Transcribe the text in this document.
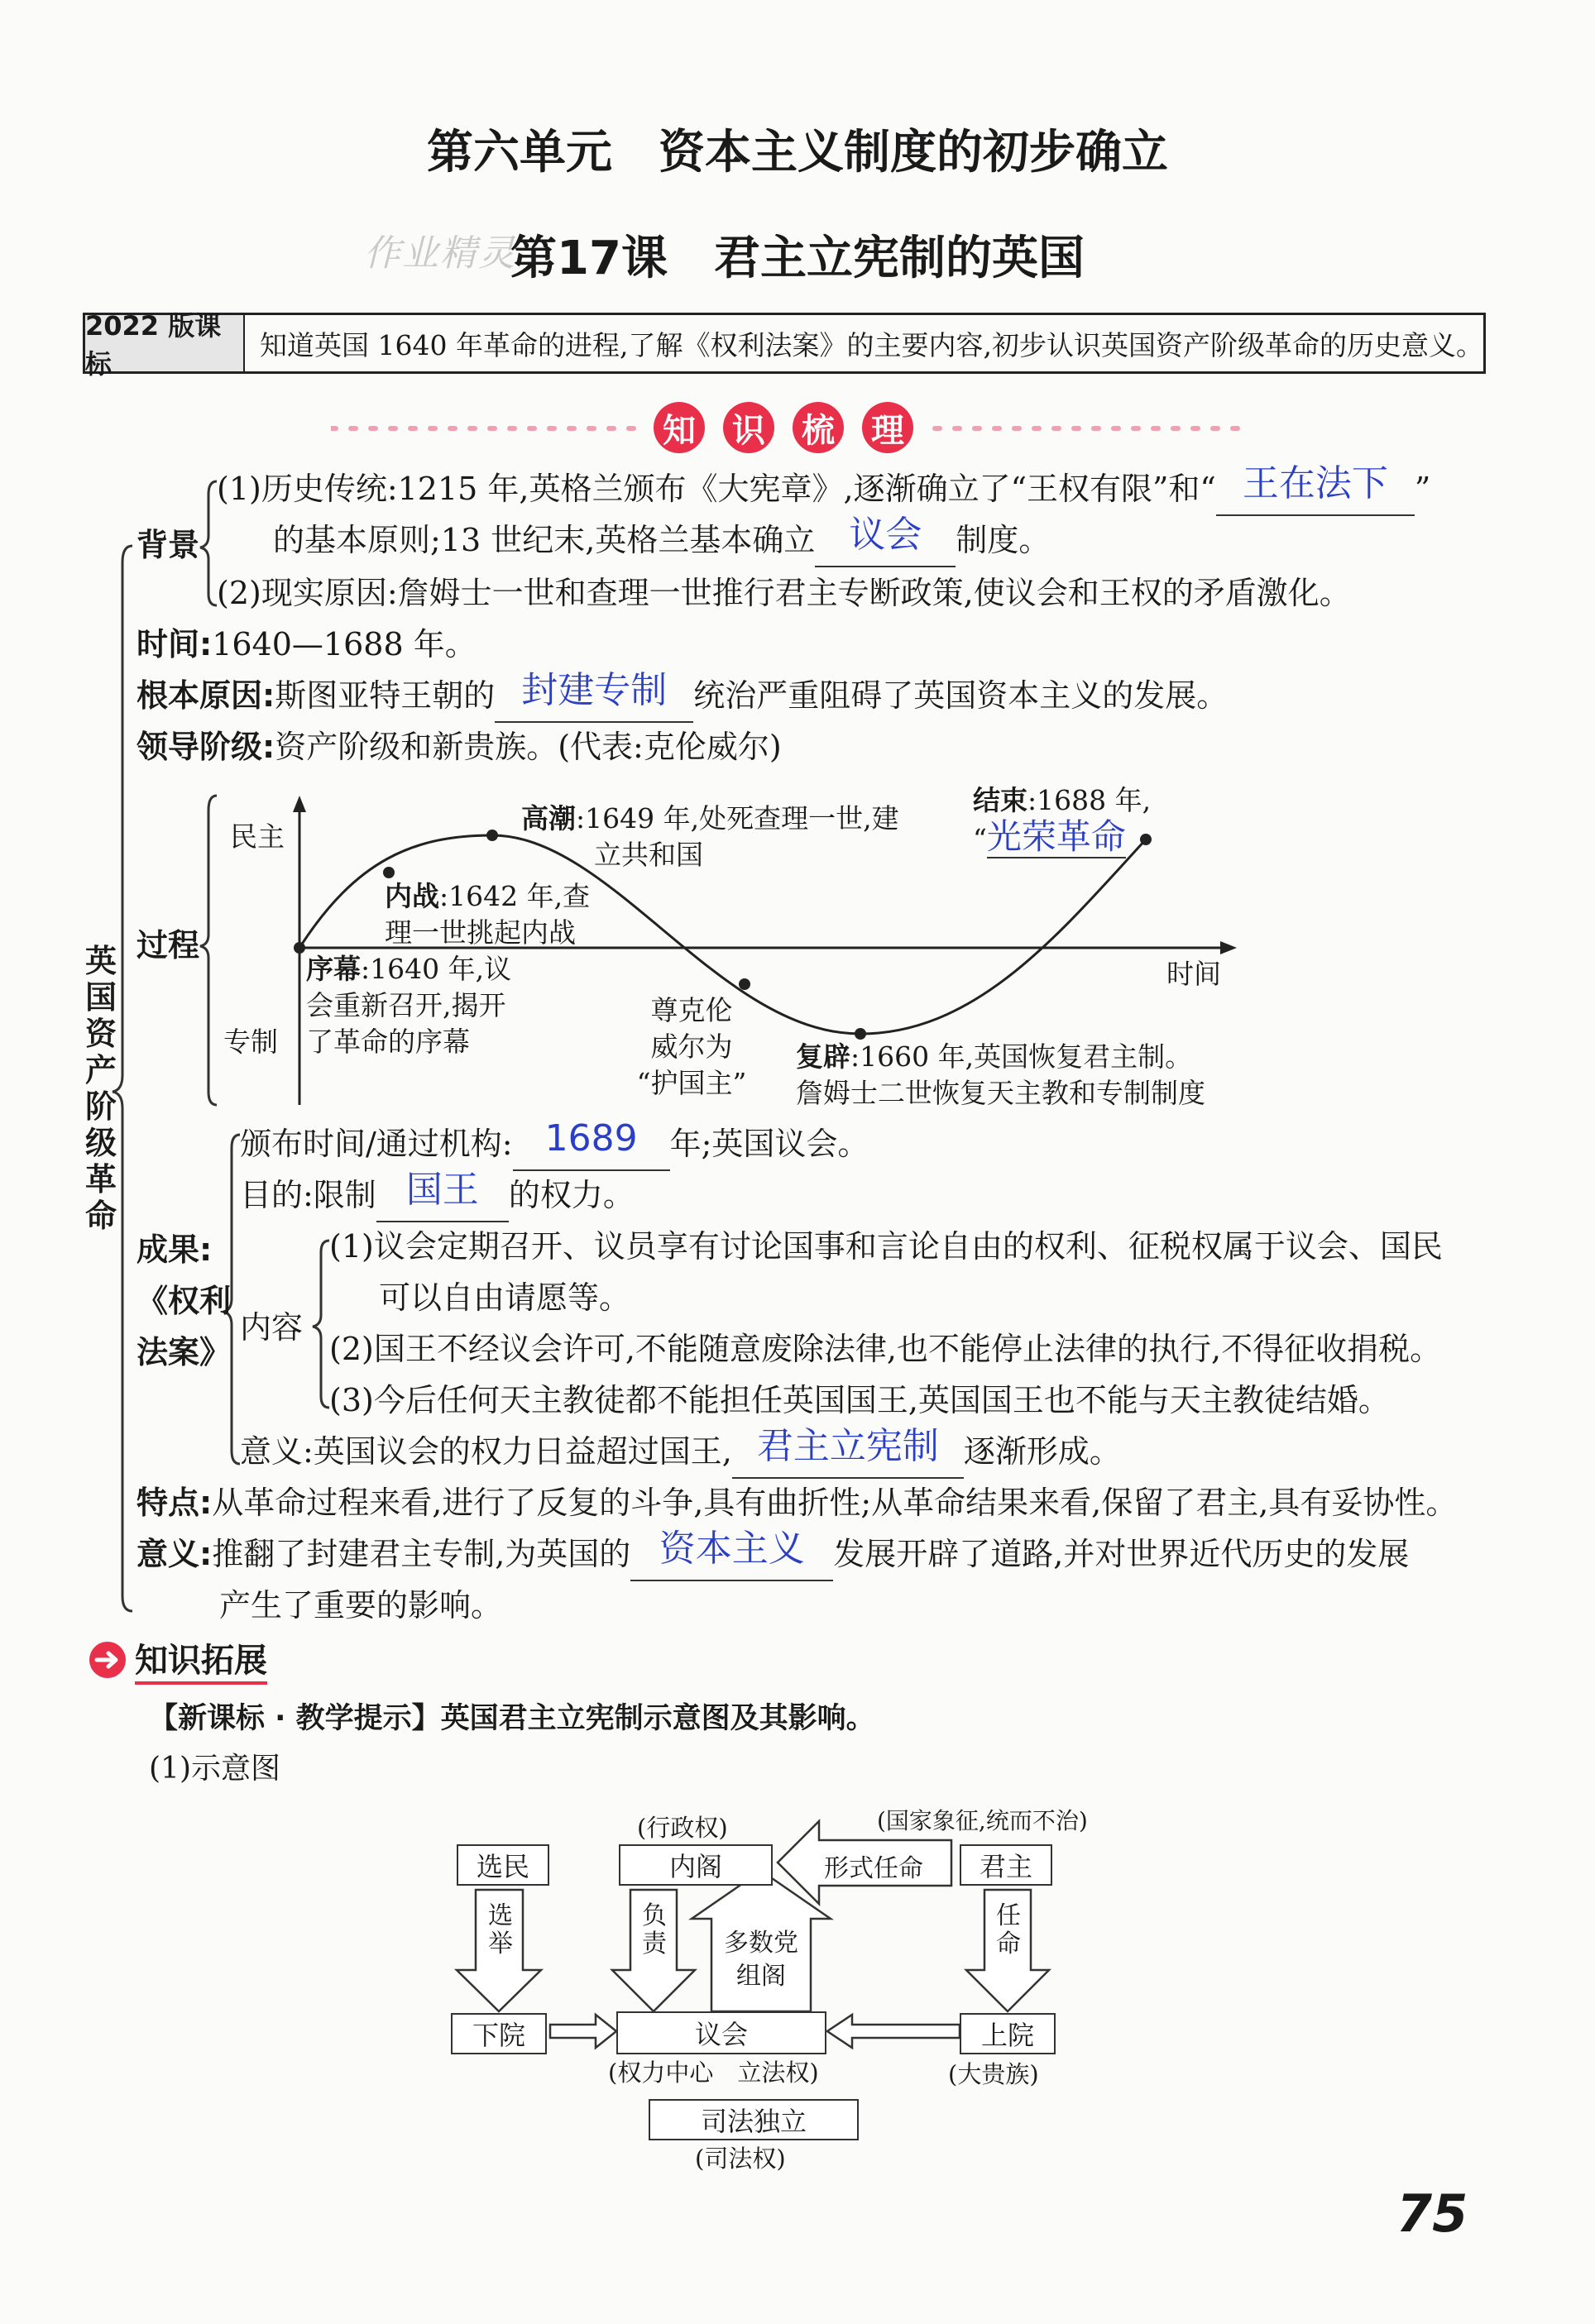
第六单元　资本主义制度的初步确立
作业精灵
第17课　君主立宪制的英国
2022 版课标
知道英国 1640 年革命的进程,了解《权利法案》的主要内容,初步认识英国资产阶级革命的历史意义。
知 识 梳 理
英
国
资
产
阶
级
革
命
背景
(1)历史传统:1215 年,英格兰颁布《大宪章》,逐渐确立了“王权有限”和“ 王在法下 ”
的基本原则;13 世纪末,英格兰基本确立 议会	制度。
(2)现实原因:詹姆士一世和查理一世推行君主专断政策,使议会和王权的矛盾激化。
时间:1640—1688 年。
根本原因:斯图亚特王朝的 封建专制 统治严重阻碍了英国资本主义的发展。
领导阶级:资产阶级和新贵族。(代表:克伦威尔)
过程
民主
专制
时间
序幕:1640 年,议
会重新召开,揭开
了革命的序幕
内战:1642 年,查
理一世挑起内战
高潮:1649 年,处死查理一世,建
立共和国
尊克伦
威尔为
“护国主”
复辟:1660 年,英国恢复君主制。
詹姆士二世恢复天主教和专制制度
结束:1688 年,
“光荣革命
成果:
《权利
法案》
颁布时间/通过机构: 1689	年;英国议会。
目的:限制 国王 的权力。
内容
(1)议会定期召开、议员享有讨论国事和言论自由的权利、征税权属于议会、国民
可以自由请愿等。
(2)国王不经议会许可,不能随意废除法律,也不能停止法律的执行,不得征收捐税。
(3)今后任何天主教徒都不能担任英国国王,英国国王也不能与天主教徒结婚。
意义:英国议会的权力日益超过国王, 君主立宪制 逐渐形成。
特点:从革命过程来看,进行了反复的斗争,具有曲折性;从革命结果来看,保留了君主,具有妥协性。
意义:推翻了封建君主专制,为英国的 资本主义 发展开辟了道路,并对世界近代历史的发展
产生了重要的影响。
知识拓展
【新课标 · 教学提示】英国君主立宪制示意图及其影响。
(1)示意图
选民
选举
下院
(行政权)
内阁
负责 多数党组阁
形式任命
(国家象征,统而不治)
君主
任命
上院
(大贵族)
议会
(权力中心　立法权)
司法独立
(司法权)
75
